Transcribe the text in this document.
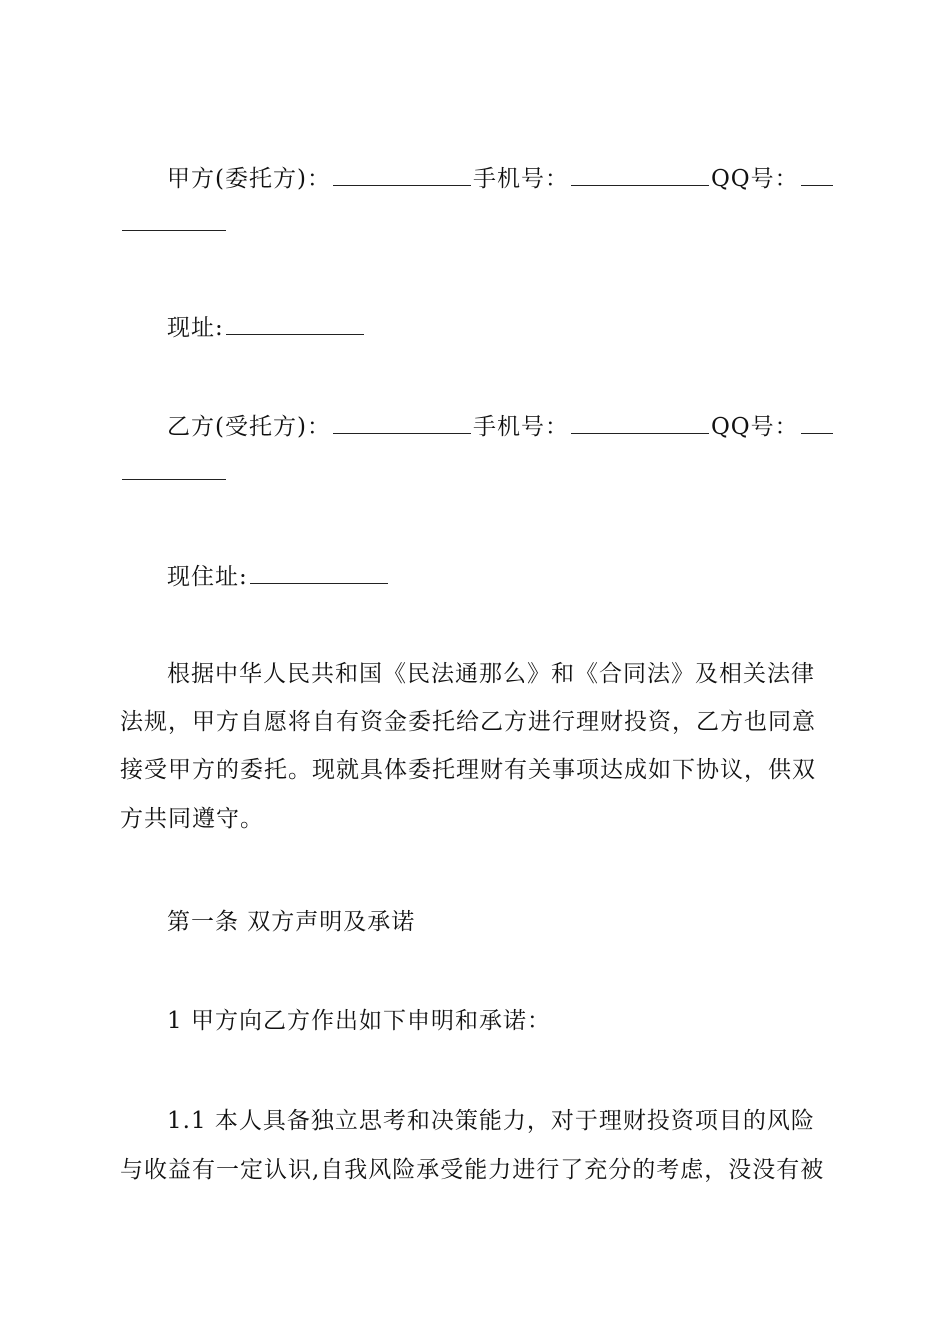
甲方(委托方)：	手机号：	QQ号：
现址:
乙方(受托方)：	手机号：	QQ号：
现住址:
根据中华人民共和国《民法通那么》和《合同法》及相关法律
法规，甲方自愿将自有资金委托给乙方进行理财投资，乙方也同意
接受甲方的委托。现就具体委托理财有关事项达成如下协议，供双
方共同遵守。
第一条 双方声明及承诺
1 甲方向乙方作出如下申明和承诺：
1.1 本人具备独立思考和决策能力，对于理财投资项目的风险
与收益有一定认识,自我风险承受能力进行了充分的考虑，没没有被
